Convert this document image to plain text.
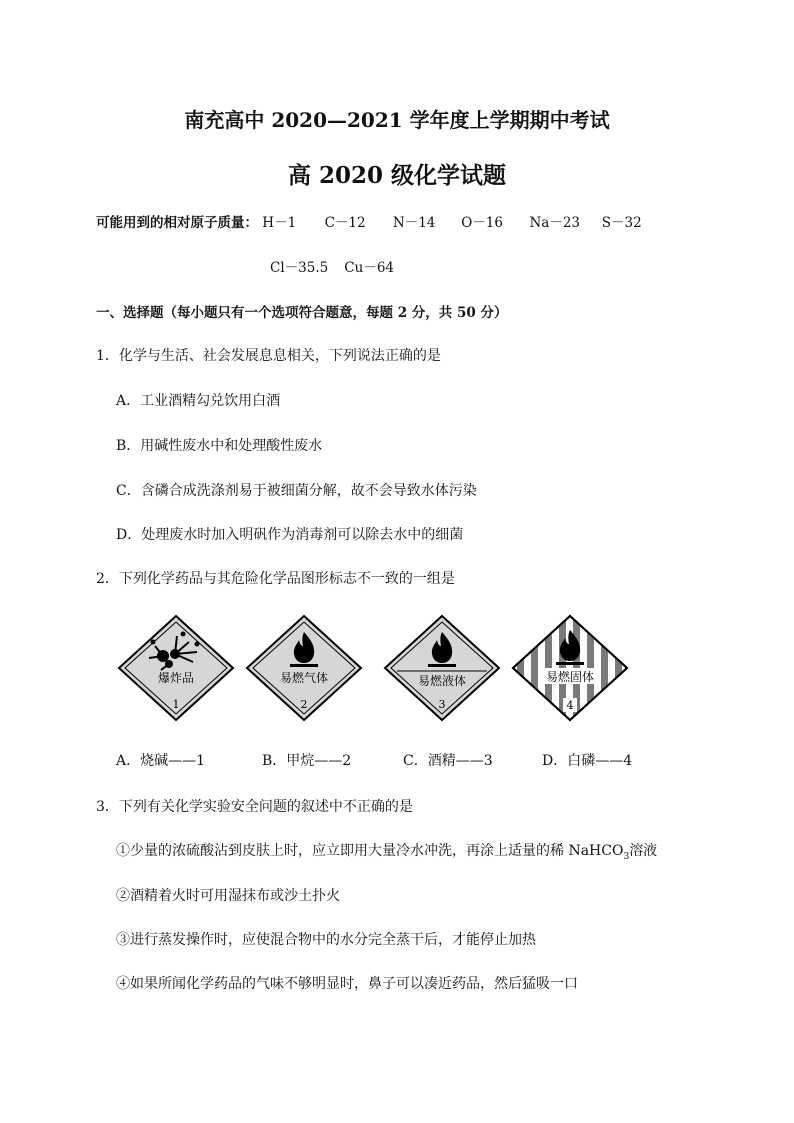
南充高中 2020—2021 学年度上学期期中考试
高 2020 级化学试题
可能用到的相对原子质量： H－1 C－12 N－14 O－16 Na－23 S－32
Cl－35.5 Cu－64
一、选择题（每小题只有一个选项符合题意，每题 2 分，共 50 分）
1．化学与生活、社会发展息息相关，下列说法正确的是
A．工业酒精勾兑饮用白酒
B．用碱性废水中和处理酸性废水
C．含磷合成洗涤剂易于被细菌分解，故不会导致水体污染
D．处理废水时加入明矾作为消毒剂可以除去水中的细菌
2．下列化学药品与其危险化学品图形标志不一致的一组是
爆炸品
1
易燃气体
2
易燃液体
3
易燃固体
4
A．烧碱——1	B．甲烷——2	C．酒精——3	D．白磷——4
3．下列有关化学实验安全问题的叙述中不正确的是
①少量的浓硫酸沾到皮肤上时，应立即用大量冷水冲洗，再涂上适量的稀 NaHCO$_3$溶液
②酒精着火时可用湿抹布或沙土扑火
③进行蒸发操作时，应使混合物中的水分完全蒸干后，才能停止加热
④如果所闻化学药品的气味不够明显时，鼻子可以凑近药品，然后猛吸一口
